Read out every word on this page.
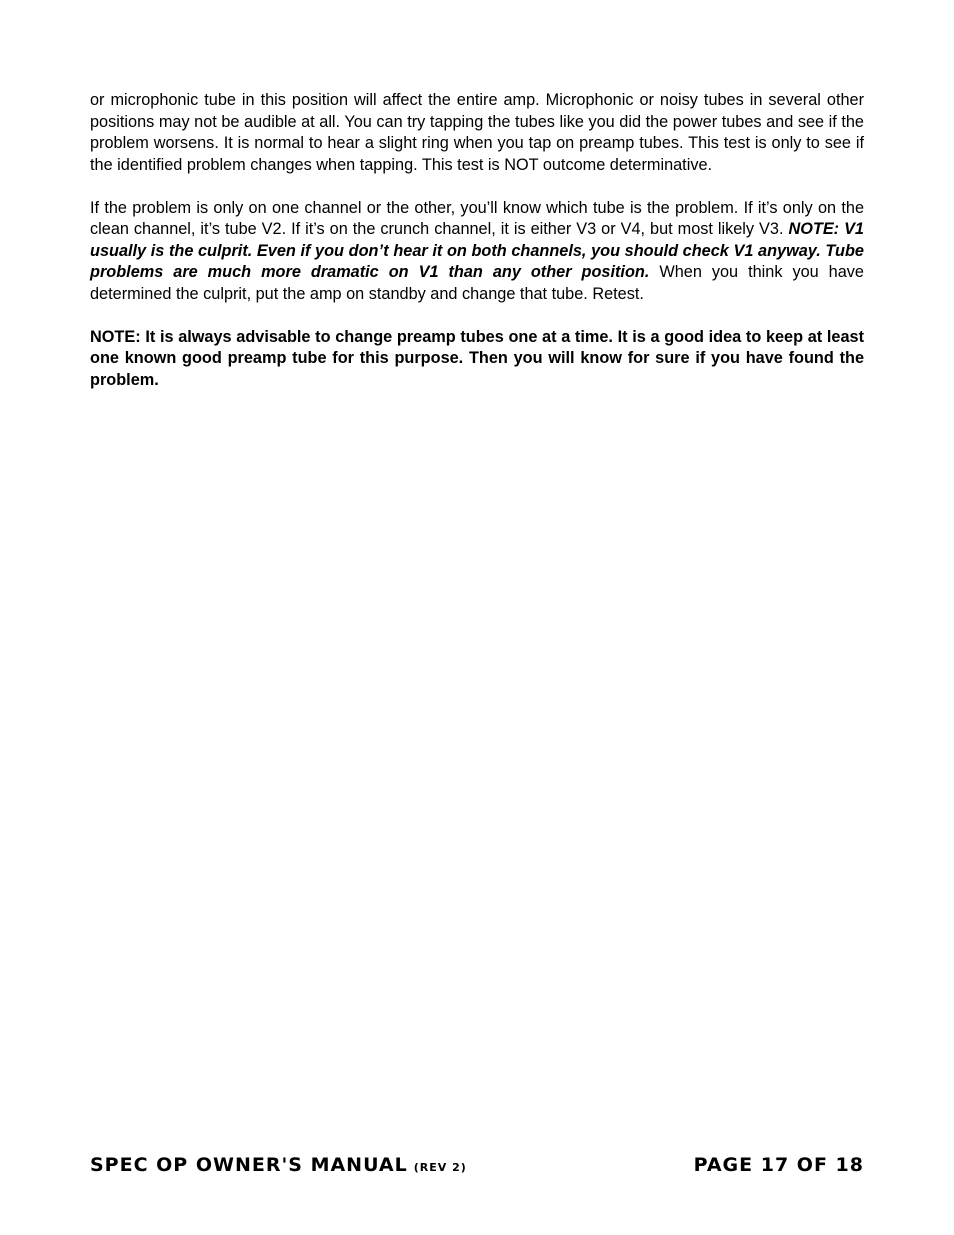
or microphonic tube in this position will affect the entire amp. Microphonic or noisy tubes in several other positions may not be audible at all. You can try tapping the tubes like you did the power tubes and see if the problem worsens. It is normal to hear a slight ring when you tap on preamp tubes. This test is only to see if the identified problem changes when tapping. This test is NOT outcome determinative.

If the problem is only on one channel or the other, you’ll know which tube is the problem. If it’s only on the clean channel, it’s tube V2. If it’s on the crunch channel, it is either V3 or V4, but most likely V3. NOTE: V1 usually is the culprit. Even if you don’t hear it on both channels, you should check V1 anyway. Tube problems are much more dramatic on V1 than any other position. When you think you have determined the culprit, put the amp on standby and change that tube. Retest.

NOTE: It is always advisable to change preamp tubes one at a time. It is a good idea to keep at least one known good preamp tube for this purpose. Then you will know for sure if you have found the problem.

SPEC OP OWNER'S MANUAL (REV 2)	PAGE 17 OF 18
